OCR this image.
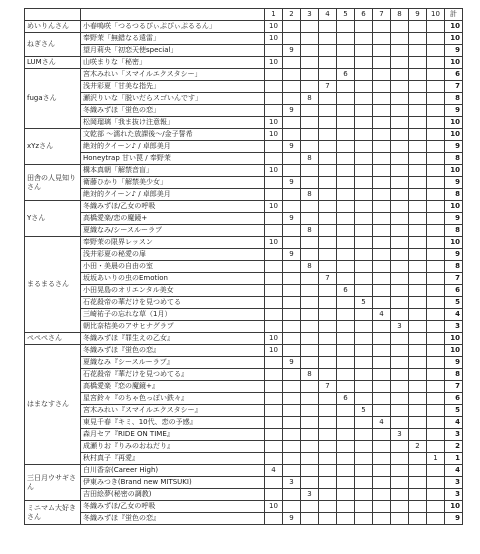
		1	2	3	4	5	6	7	8	9	10	計
めいりんさん	小春嗚咲「つるつるぴぃぷぴぃぷるるん」	10										10
ねぎさん	奉野茉「無錯なる遠雷」	10										10
	望月莉央「初恋天使special」		9									9
LUMさん	山咲まりな「秘密」	10										10
fugaさん	宮木みれい「スマイルエクスタシー」					6						6
	浅井彩夏「甘美な指先」				7							7
	瀬沢りいな「脱いだらスゴいんです」			8								8
	冬織みずほ「蛍色の恋」		9									9
	松岡瑠璃「我ま抜け注意報」	10										10
xYzさん	文乾部 ～濡れた放課後～/金子誓希	10										10
	絶対的クイーン♪ / 卓郎美月		9									9
	Honeytrap 甘い罠 / 奉野茉			8								8
田舎の人見知りさん	構本真朝「解禁音盲」	10										10
	衛藤ひかり「解禁美少女」		9									9
	絶対的クイーン♪ / 卓郎美月			8								8
Yさん	冬織みずほ/乙女の呼吸	10										10
	高橋愛楽/恋の魔鏡+		9									9
	夏織なみ/シースルーラブ			8								8
まるまるさん	奉野茉の限界レッスン	10										10
	浅井彩夏の秘愛の扉		9									9
	小田・美晨の自由の室			8								8
	坂坂あいりの虫のEmotion				7							7
	小田晃島のオリエンタル美女					6						6
	石花殺帝の華だけを見つめてる						5					5
	三崎祐子の忘れな草（1月）							4				4
	朝比奈桔美のアサヒナグラブ								3			3
ぺぺぺさん	冬織みずほ『罪生えの乙女』	10										10
はまなすさん	冬織みずほ『蛍色の恋』	10										10
	夏織なみ『シースルーラブ』		9									9
	石花殺帝『華だけを見つめてる』			8								8
	高橋愛楽『恋の魔鏡+』				7							7
	星宮鈴々『のちゃ色っぽい鉄々』					6						6
	宮木みれい『スマイルエクスタシー』						5					5
	東見千春『キミ、10代、恋の予感』							4				4
	森月セア『RIDE ON TIME』								3			3
	成瀬りお『りみのおねだり』									2		2
	秋村真子『再愛』										1	1
三日月ウサギさん	白川香奈(Career High)	4										4
	伊東みつき(Brand new MITSUKI)		3									3
	吉田絵夢(秘密の調教)			3								3
ミニマム大好きさん	冬織みずほ/乙女の呼吸	10										10
	冬織みずほ『蛍色の恋』		9									9
